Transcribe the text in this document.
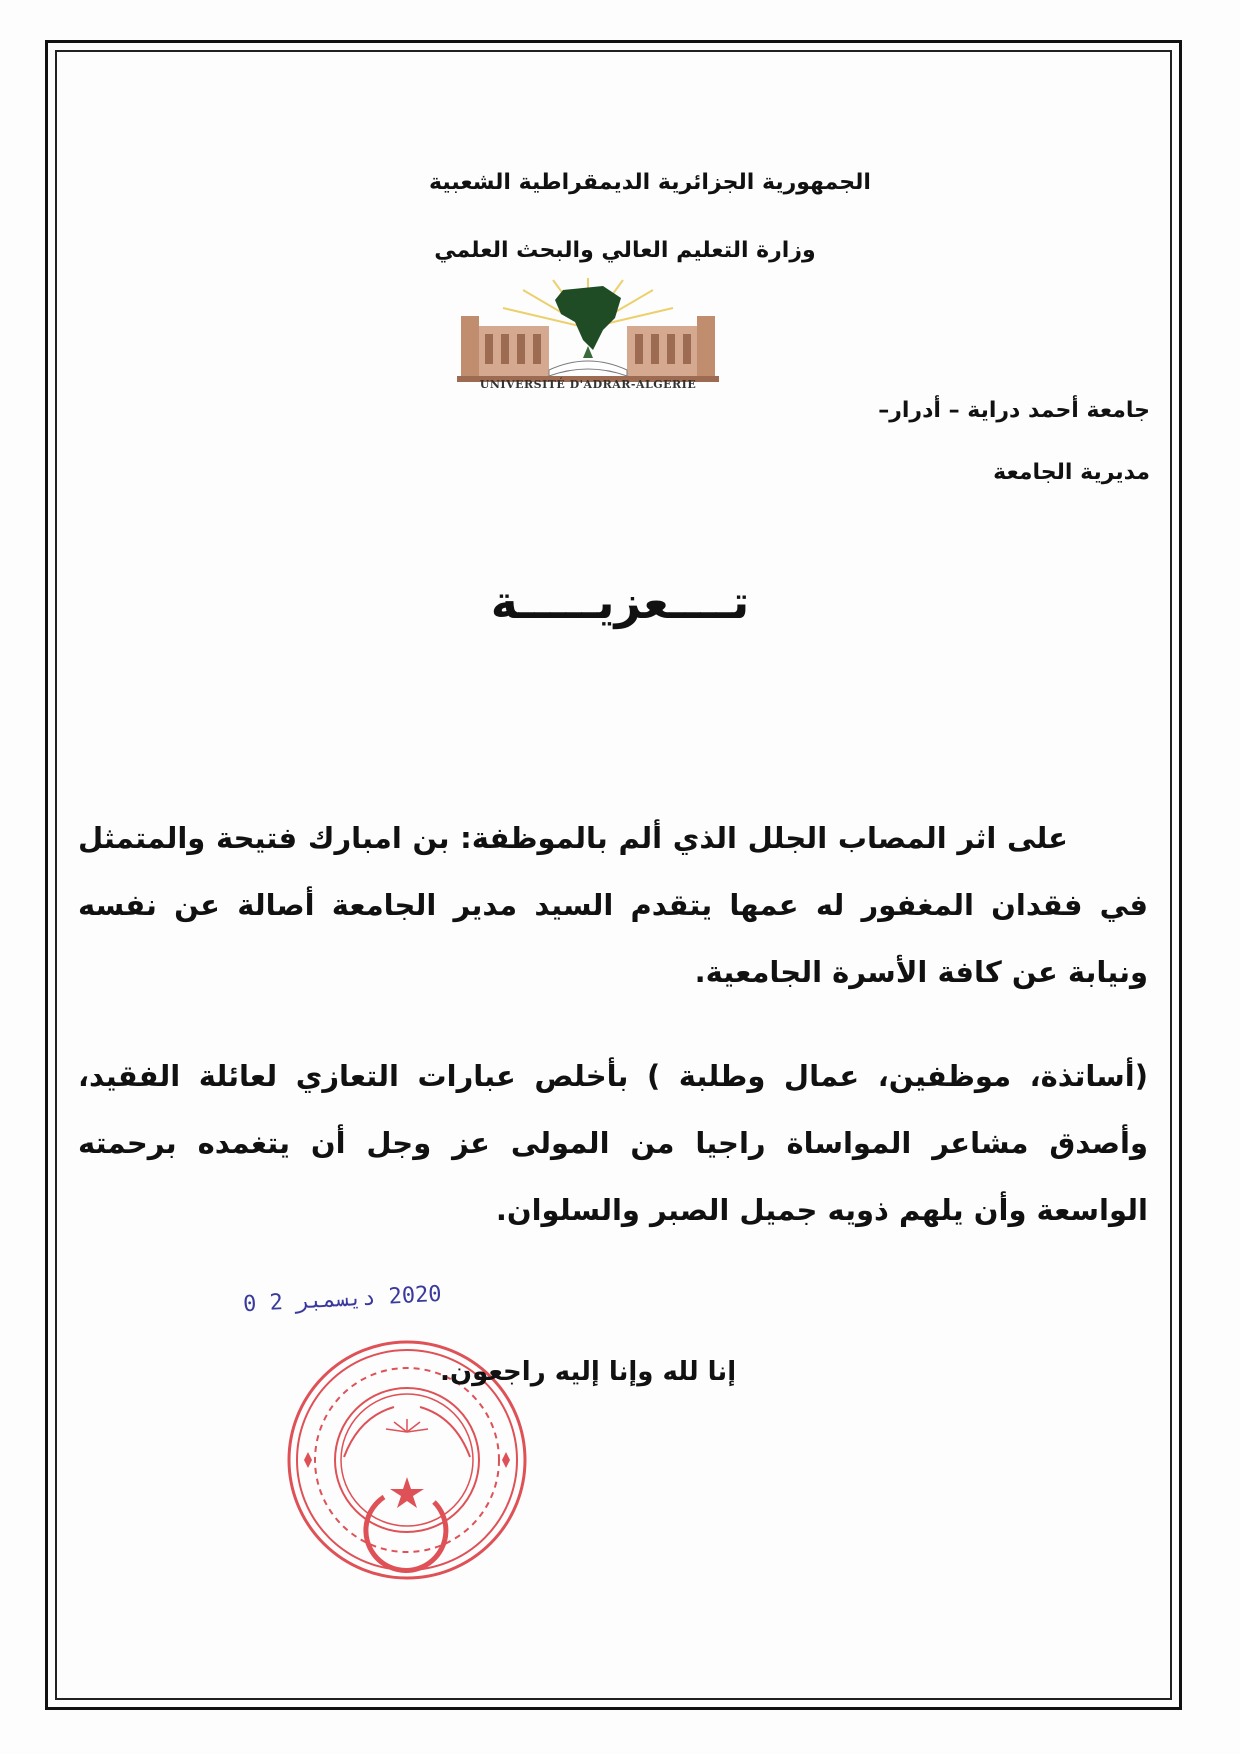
الجمهورية الجزائرية الديمقراطية الشعبية
وزارة التعليم العالي والبحث العلمي
UNIVERSITÉ D'ADRAR-ALGERIE
جامعة أحمد دراية – أدرار–
مديرية الجامعة
تــــعزيـــــة
على اثر المصاب الجلل الذي ألم بالموظفة: بن امبارك فتيحة والمتمثل في فقدان المغفور له عمها يتقدم السيد مدير الجامعة أصالة عن نفسه ونيابة عن كافة الأسرة الجامعية.
(أساتذة، موظفين، عمال وطلبة ) بأخلص عبارات التعازي لعائلة الفقيد، وأصدق مشاعر المواساة راجيا من المولى عز وجل أن يتغمده برحمته الواسعة وأن يلهم ذويه جميل الصبر والسلوان.
2020 ديسمبر 2 0
إنا لله وإنا إليه راجعون.
